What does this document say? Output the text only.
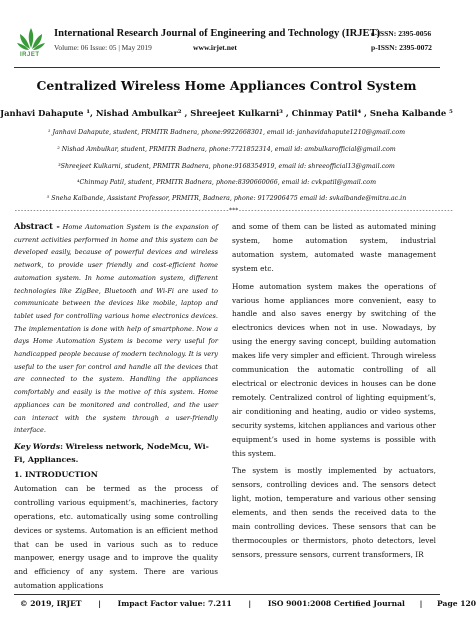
IRJET
International Research Journal of Engineering and Technology (IRJET)
Volume: 06 Issue: 05 | May 2019	www.irjet.net
e-ISSN: 2395-0056
p-ISSN: 2395-0072
Centralized Wireless Home Appliances Control System
Janhavi Dahapute ¹, Nishad Ambulkar² , Shreejeet Kulkarni³ , Chinmay Patil⁴ , Sneha Kalbande ⁵
¹ Janhavi Dahapute, student, PRMITR Badnera, phone:9922668301, email id: janhavidahapute1210@gmail.com
² Nishad Ambulkar, student, PRMITR Badnera, phone:7721852314, email id: ambulkarofficial@gmail.com
³Shreejeet Kulkarni, student, PRMITR Badnera, phone:9168354919, email id: shreeofficial13@gmail.com
⁴Chinmay Patil, student, PRMITR Badnera, phone:8390660066, email id: cvkpatil@gmail.com
⁵ Sneha Kalbande, Assistant Professor, PRMITR, Badnera, phone: 9172906475 email id: svkalbande@mitra.ac.in
---------------------------------------------------------------------***---------------------------------------------------------------------

Abstract - Home Automation System is the expansion of current activities performed in home and this system can be developed easily, because of powerful devices and wireless network, to provide user friendly and cost-efficient home automation system. In home automation system, different technologies like ZigBee, Bluetooth and Wi-Fi are used to communicate between the devices like mobile, laptop and tablet used for controlling various home electronics devices. The implementation is done with help of smartphone. Now a days Home Automation System is become very useful for handicapped people because of modern technology. It is very useful to the user for control and handle all the devices that are connected to the system. Handling the appliances comfortably and easily is the motive of this system. Home appliances can be monitored and controlled, and the user can interact with the system through a user-friendly interface.

Key Words: Wireless network, NodeMcu, Wi-Fi, Appliances.

1. INTRODUCTION

Automation can be termed as the process of controlling various equipment’s, machineries, factory operations, etc. automatically using some controlling devices or systems. Automation is an efficient method that can be used in various such as to reduce manpower, energy usage and to improve the quality and efficiency of any system. There are various automation applications

and some of them can be listed as automated mining system, home automation system, industrial automation system, automated waste management system etc.

Home automation system makes the operations of various home appliances more convenient, easy to handle and also saves energy by switching of the electronics devices when not in use. Nowadays, by using the energy saving concept, building automation makes life very simpler and efficient. Through wireless communication the automatic controlling of all electrical or electronic devices in houses can be done remotely. Centralized control of lighting equipment’s, air conditioning and heating, audio or video systems, security systems, kitchen appliances and various other equipment’s used in home systems is possible with this system.

The system is mostly implemented by actuators, sensors, controlling devices and. The sensors detect light, motion, temperature and various other sensing elements, and then sends the received data to the main controlling devices. These sensors that can be thermocouples or thermistors, photo detectors, level sensors, pressure sensors, current transformers, IR

© 2019, IRJET | Impact Factor value: 7.211 | ISO 9001:2008 Certified Journal | Page 120
